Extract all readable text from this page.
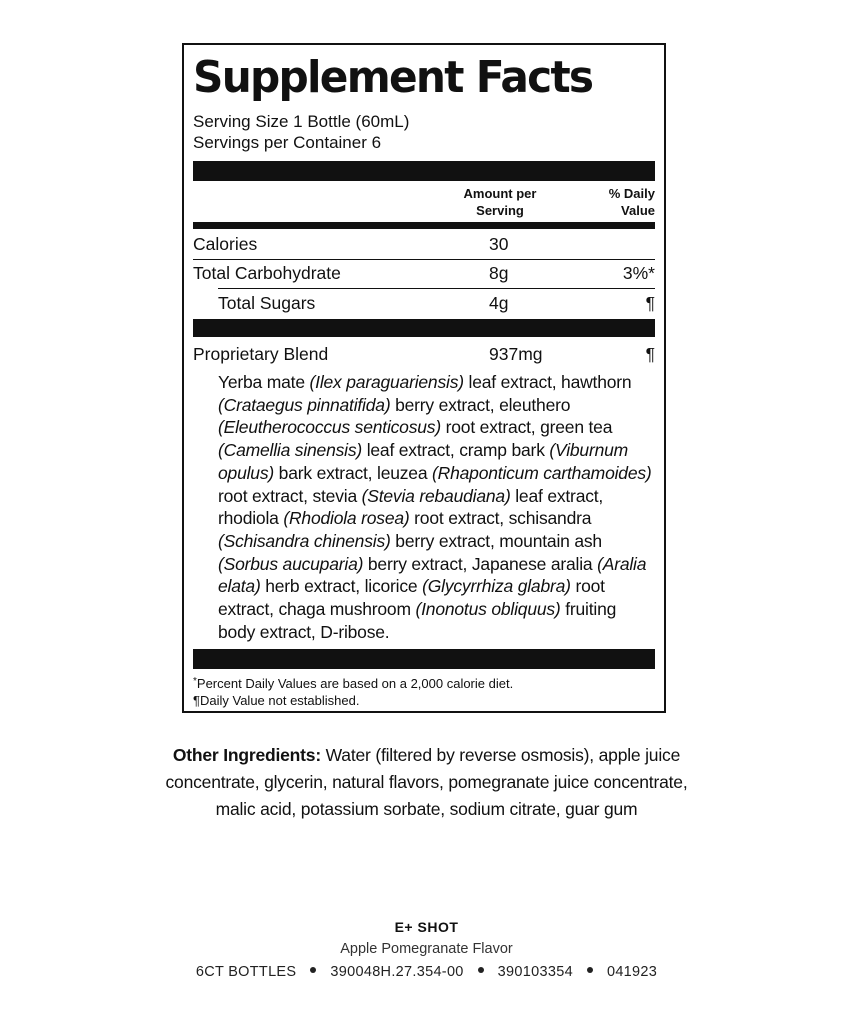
Supplement Facts
Serving Size 1 Bottle (60mL)
Servings per Container 6
Amount per
Serving
% Daily
Value
Calories	30
Total Carbohydrate	8g	3%*
Total Sugars	4g	¶
Proprietary Blend	937mg	¶
Yerba mate (Ilex paraguariensis) leaf extract, hawthorn (Crataegus pinnatifida) berry extract, eleuthero (Eleutherococcus senticosus) root extract, green tea (Camellia sinensis) leaf extract, cramp bark (Viburnum opulus) bark extract, leuzea (Rhaponticum carthamoides) root extract, stevia (Stevia rebaudiana) leaf extract, rhodiola (Rhodiola rosea) root extract, schisandra (Schisandra chinensis) berry extract, mountain ash (Sorbus aucuparia) berry extract, Japanese aralia (Aralia elata) herb extract, licorice (Glycyrrhiza glabra) root extract, chaga mushroom (Inonotus obliquus) fruiting body extract, D-ribose.
*Percent Daily Values are based on a 2,000 calorie diet.
¶Daily Value not established.
Other Ingredients: Water (filtered by reverse osmosis), apple juice concentrate, glycerin, natural flavors, pomegranate juice concentrate, malic acid, potassium sorbate, sodium citrate, guar gum
E+ SHOT
Apple Pomegranate Flavor
6CT BOTTLES 390048H.27.354-00 390103354 041923
